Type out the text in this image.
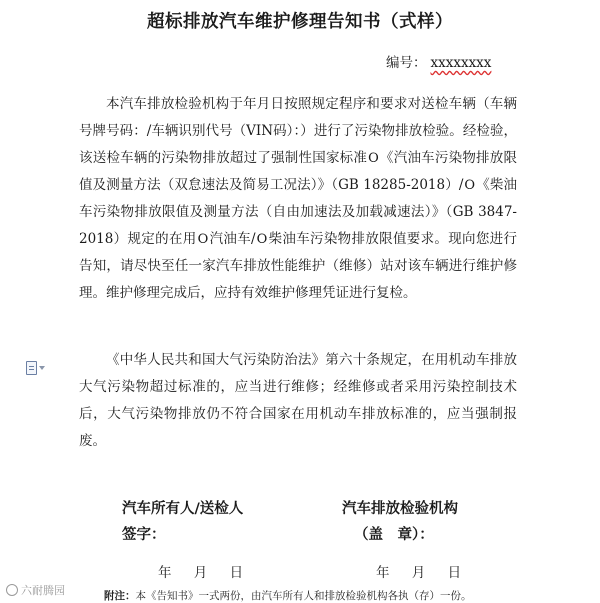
超标排放汽车维护修理告知书（式样）
编号： xxxxxxxx

本汽车排放检验机构于年月日按照规定程序和要求对送检车辆（车辆号牌号码：/车辆识别代号（VIN码）：）进行了污染物排放检验。经检验，该送检车辆的污染物排放超过了强制性国家标准O《汽油车污染物排放限值及测量方法（双怠速法及简易工况法）》（GB 18285-2018）/O《柴油车污染物排放限值及测量方法（自由加速法及加载减速法）》（GB 3847-2018）规定的在用O汽油车/O柴油车污染物排放限值要求。现向您进行告知，请尽快至任一家汽车排放性能维护（维修）站对该车辆进行维护修理。维护修理完成后，应持有效维护修理凭证进行复检。

《中华人民共和国大气污染防治法》第六十条规定，在用机动车排放大气污染物超过标准的，应当进行维修；经维修或者采用污染控制技术后，大气污染物排放仍不符合国家在用机动车排放标准的，应当强制报废。

汽车所有人/送检人
签字：
汽车排放检验机构
（盖　章）：
年 月 日	年 月 日
附注：本《告知书》一式两份，由汽车所有人和排放检验机构各执（存）一份。
六耐腾园
